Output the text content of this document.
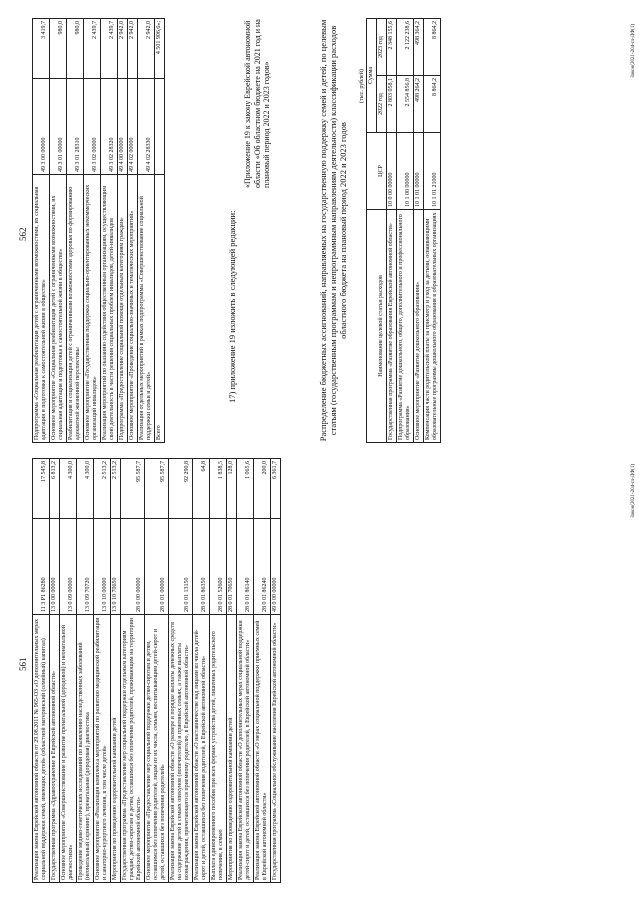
561 Реализация закона Еврейской автономной области от 29.08.2011 № 965-ОЗ «О дополнительных мерах социальной поддержки семей, имеющих детей» (областной материнский (семейный) капитал)	11 3 P1 86280	17 545,8
Государственная программа «Здравоохранение в Еврейской автономной области»	13 0 00 00000	6 813,2
Основное мероприятие «Совершенствование и развитие пренатальной (дородовой) и неонатальной диагностики»	13 0 09 00000	4 300,0
Проведение медико-генетических исследований по выявлению наследственных заболеваний (неонатальный скрининг), пренатальная (дородовая) диагностика	13 0 09 70720	4 300,0
Основное мероприятие «Реализация комплекса мероприятий по развитию медицинской реабилитации и санаторно-курортного лечения, в том числе детей»	13 0 10 00000	2 513,2
Мероприятия по проведению оздоровительной кампании детей	13 0 10 70650	2 513,2
Государственная программа «Предоставление мер социальной поддержки отдельным категориям граждан, детям-сиротам и детям, оставшимся без попечения родителей, проживающим на территории Еврейской автономной области»	28 0 00 00000	95 587,7
Основное мероприятие «Предоставление мер социальной поддержки детям-сиротам и детям, оставшимся без попечения родителей, лицам из их числа, семьям, воспитывающим детей-сирот и детей, оставшихся без попечения родителей»	28 0 01 00000	95 587,7
Реализация закона Еврейской автономной области «О размере и порядке выплаты денежных средств на содержание детей в семьях опекунов (попечителей) и приемных семьях, а также выплаты вознаграждения, причитающегося приемному родителю, в Еврейской автономной области»	28 0 01 13150	92 290,8
Реализация закона Еврейской автономной области «О наставничестве над лицами из числа детей-сирот и детей, оставшихся без попечения родителей, в Еврейской автономной области»	28 0 01 86350	64,8
Выплата единовременного пособия при всех формах устройства детей, лишенных родительского попечения, в семью	28 0 01 52600	1 838,5
Мероприятия по проведению оздоровительной кампании детей	28 0 01 70650	128,0
Реализация закона Еврейской автономной области «О дополнительных мерах социальной поддержки детей-сирот и детей, оставшихся без попечения родителей, в Еврейской автономной области»	28 0 01 86140	1 065,6
Реализация закона Еврейской автономной области «О мерах социальной поддержки приемных семей в Еврейской автономной области»	28 0 01 86240	200,0
Государственная программа «Социальное обслуживание населения Еврейской автономной области»	49 0 00 00000	6 361,7	Закон(2021-204-гл-ДФ(1)
562 Подпрограмма «Социальная реабилитация детей с ограниченными возможностями, их социальная адаптация и подготовка к самостоятельной жизни в обществе»	49 3 00 00000	3 419,7
Основное мероприятие «Социальная реабилитация детей с ограниченными возможностями, их социальная адаптация и подготовка к самостоятельной жизни в обществе»	49 3 01 00000	980,0
Реабилитация и социализация детей с ограниченными возможностями здоровья по формированию адекватной жизненной перспективы	49 3 01 28310	980,0
Основное мероприятие «Государственная поддержка социально-ориентированных некоммерческих организаций инвалидов»	49 3 02 00000	2 439,7
Реализация мероприятий по оказанию содействия общественным организациям, осуществляющим свою деятельность в части решения социальных проблем инвалидов, детей-инвалидов	49 3 02 28320	2 439,7
Подпрограмма «Предоставление социальной помощи отдельным категориям граждан»	49 4 00 00000	2 942,0
Основное мероприятие «Проведение социально-значимых и тематических мероприятий»	49 4 02 00000	2 942,0
Реализация отдельных мероприятий в рамках подпрограммы «Совершенствование социальной поддержки семьи и детей»	49 4 02 28330	2 942,0
Всего		4 501 906,6»;
17) приложение 19 изложить в следующей редакции:
«Приложение 19 к закону Еврейской автономной области «Об областном бюджете на 2021 год и на плановый период 2022 и 2023 годов»	Распределение бюджетных ассигнований, направляемых на государственную поддержку семей и детей, по целевым статьям (государственным программам и непрограммным направлениям деятельности) классификации расходов областного бюджета на плановый период 2022 и 2023 годов
(тыс. рублей)
Наименование целевой статьи расходов	ЦСР	Сумма	
		2022 год	2023 год
Государственная программа «Развитие образования Еврейской автономной области»	10 0 00 00000	2 803 058,1	2 348 155,6
Подпрограмма «Развитие дошкольного, общего, дополнительного и профессионального образования»	10 1 00 00000	2 554 856,8	2 122 238,6
Основное мероприятие «Развитие дошкольного образования»	10 1 01 00000	498 264,2	498 364,2
Компенсация части родительской платы за присмотр и уход за детьми, осваивающими образовательные программы дошкольного образования в образовательных организациях	10 1 01 21000	8 864,2	8 864,2	Закон(2021-204-гл-ДФ(1)
